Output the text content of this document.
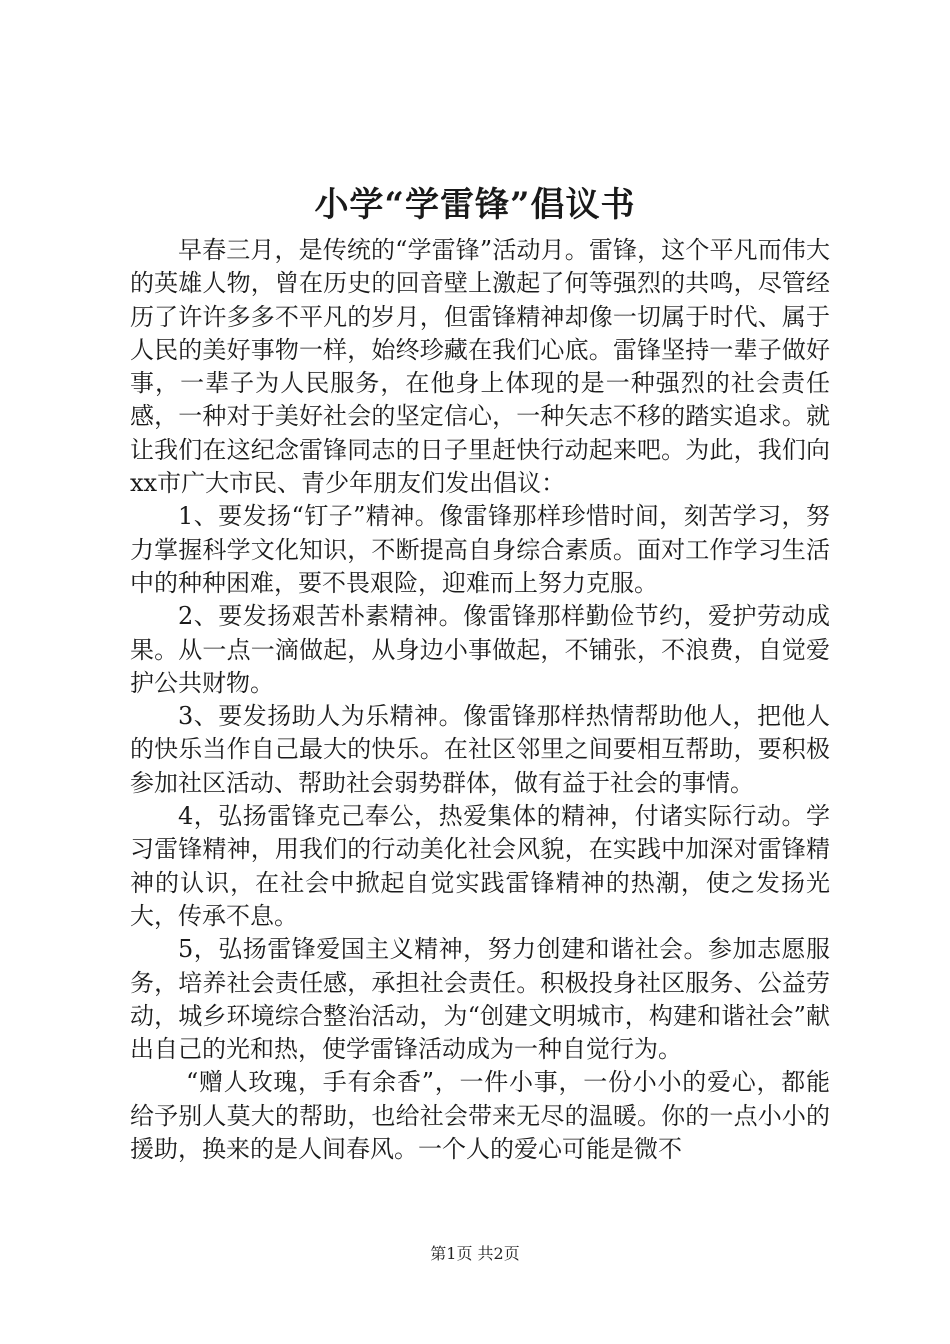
小学“学雷锋”倡议书

早春三月，是传统的“学雷锋”活动月。雷锋，这个平凡而伟大的英雄人物，曾在历史的回音壁上激起了何等强烈的共鸣，尽管经历了许许多多不平凡的岁月，但雷锋精神却像一切属于时代、属于人民的美好事物一样，始终珍藏在我们心底。雷锋坚持一辈子做好事，一辈子为人民服务，在他身上体现的是一种强烈的社会责任感，一种对于美好社会的坚定信心，一种矢志不移的踏实追求。就让我们在这纪念雷锋同志的日子里赶快行动起来吧。为此，我们向xx市广大市民、青少年朋友们发出倡议：

1、要发扬“钉子”精神。像雷锋那样珍惜时间，刻苦学习，努力掌握科学文化知识，不断提高自身综合素质。面对工作学习生活中的种种困难，要不畏艰险，迎难而上努力克服。

2、要发扬艰苦朴素精神。像雷锋那样勤俭节约，爱护劳动成果。从一点一滴做起，从身边小事做起，不铺张，不浪费，自觉爱护公共财物。

3、要发扬助人为乐精神。像雷锋那样热情帮助他人，把他人的快乐当作自己最大的快乐。在社区邻里之间要相互帮助，要积极参加社区活动、帮助社会弱势群体，做有益于社会的事情。

4，弘扬雷锋克己奉公，热爱集体的精神，付诸实际行动。学习雷锋精神，用我们的行动美化社会风貌，在实践中加深对雷锋精神的认识，在社会中掀起自觉实践雷锋精神的热潮，使之发扬光大，传承不息。

5，弘扬雷锋爱国主义精神，努力创建和谐社会。参加志愿服务，培养社会责任感，承担社会责任。积极投身社区服务、公益劳动，城乡环境综合整治活动，为“创建文明城市，构建和谐社会”献出自己的光和热，使学雷锋活动成为一种自觉行为。

“赠人玫瑰，手有余香”，一件小事，一份小小的爱心，都能给予别人莫大的帮助，也给社会带来无尽的温暖。你的一点小小的援助，换来的是人间春风。一个人的爱心可能是微不

第1页 共2页
